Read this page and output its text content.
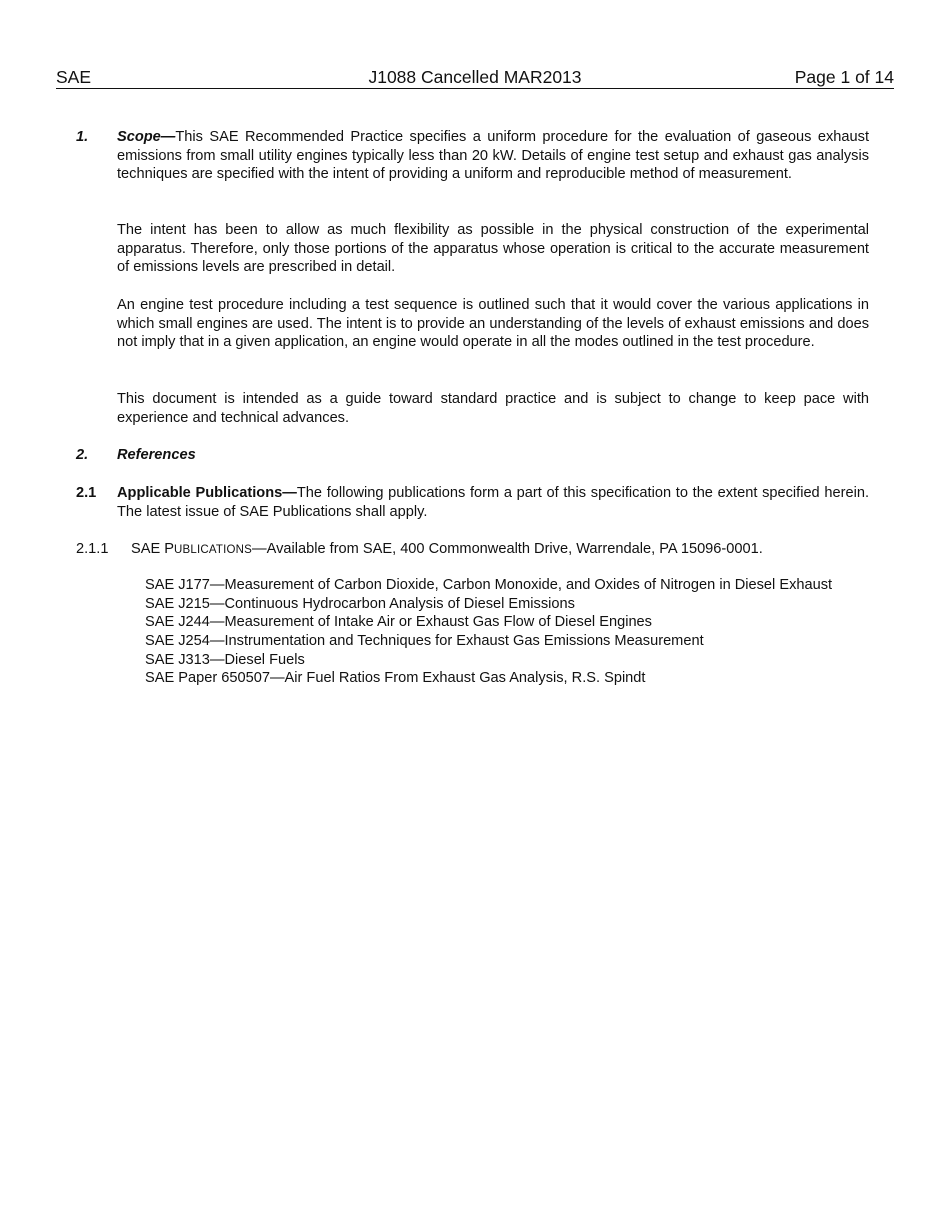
SAE	J1088 Cancelled MAR2013	Page 1 of 14
1. Scope—This SAE Recommended Practice specifies a uniform procedure for the evaluation of gaseous exhaust emissions from small utility engines typically less than 20 kW. Details of engine test setup and exhaust gas analysis techniques are specified with the intent of providing a uniform and reproducible method of measurement.

The intent has been to allow as much flexibility as possible in the physical construction of the experimental apparatus. Therefore, only those portions of the apparatus whose operation is critical to the accurate measurement of emissions levels are prescribed in detail.

An engine test procedure including a test sequence is outlined such that it would cover the various applications in which small engines are used. The intent is to provide an understanding of the levels of exhaust emissions and does not imply that in a given application, an engine would operate in all the modes outlined in the test procedure.

This document is intended as a guide toward standard practice and is subject to change to keep pace with experience and technical advances.

2. References

2.1 Applicable Publications—The following publications form a part of this specification to the extent specified herein. The latest issue of SAE Publications shall apply.

2.1.1 SAE PUBLICATIONS—Available from SAE, 400 Commonwealth Drive, Warrendale, PA 15096-0001.

SAE J177—Measurement of Carbon Dioxide, Carbon Monoxide, and Oxides of Nitrogen in Diesel Exhaust
SAE J215—Continuous Hydrocarbon Analysis of Diesel Emissions
SAE J244—Measurement of Intake Air or Exhaust Gas Flow of Diesel Engines
SAE J254—Instrumentation and Techniques for Exhaust Gas Emissions Measurement
SAE J313—Diesel Fuels
SAE Paper 650507—Air Fuel Ratios From Exhaust Gas Analysis, R.S. Spindt
